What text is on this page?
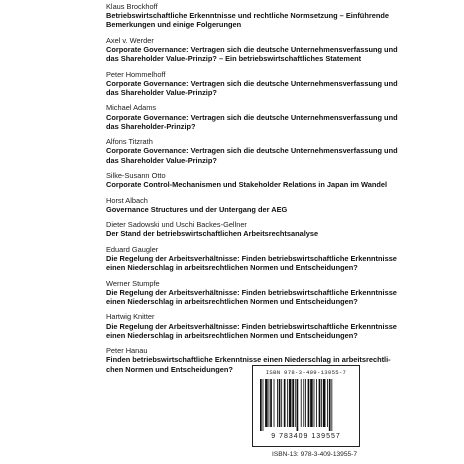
Klaus Brockhoff
Betriebswirtschaftliche Erkenntnisse und rechtliche Normsetzung – Einführende
Bemerkungen und einige Folgerungen
Axel v. Werder
Corporate Governance: Vertragen sich die deutsche Unternehmensverfassung und
das Shareholder Value-Prinzip? – Ein betriebswirtschaftliches Statement
Peter Hommelhoff
Corporate Governance: Vertragen sich die deutsche Unternehmensverfassung und
das Shareholder Value-Prinzip?
Michael Adams
Corporate Governance: Vertragen sich die deutsche Unternehmensverfassung und
das Shareholder-Prinzip?
Alfons Titzrath
Corporate Governance: Vertragen sich die deutsche Unternehmensverfassung und
das Shareholder Value-Prinzip?
Silke-Susann Otto
Corporate Control-Mechanismen und Stakeholder Relations in Japan im Wandel
Horst Albach
Governance Structures und der Untergang der AEG
Dieter Sadowski und Uschi Backes-Gellner
Der Stand der betriebswirtschaftlichen Arbeitsrechtsanalyse
Eduard Gaugler
Die Regelung der Arbeitsverhältnisse: Finden betriebswirtschaftliche Erkenntnisse
einen Niederschlag in arbeitsrechtlichen Normen und Entscheidungen?
Werner Stumpfe
Die Regelung der Arbeitsverhältnisse: Finden betriebswirtschaftliche Erkenntnisse
einen Niederschlag in arbeitsrechtlichen Normen und Entscheidungen?
Hartwig Knitter
Die Regelung der Arbeitsverhältnisse: Finden betriebswirtschaftliche Erkenntnisse
einen Niederschlag in arbeitsrechtlichen Normen und Entscheidungen?
Peter Hanau
Finden betriebswirtschaftliche Erkenntnisse einen Niederschlag in arbeitsrechtli-
chen Normen und Entscheidungen?	ISBN 978-3-409-13955-7
9 783409 139557
ISBN-13: 978-3-409-13955-7
